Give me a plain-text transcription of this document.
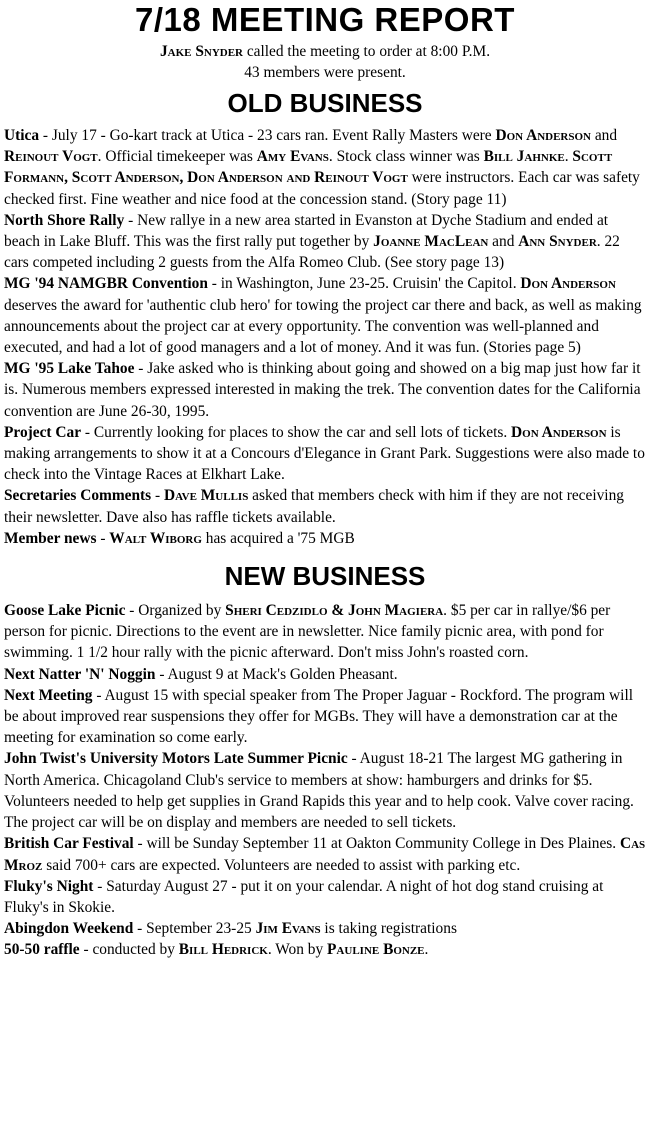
7/18 MEETING REPORT

Jake Snyder called the meeting to order at 8:00 P.M.

43 members were present.

OLD BUSINESS

Utica - July 17 - Go-kart track at Utica - 23 cars ran. Event Rally Masters were Don Anderson and Reinout Vogt. Official timekeeper was Amy Evans. Stock class winner was Bill Jahnke. Scott Formann, Scott Anderson, Don Anderson and Reinout Vogt were instructors. Each car was safety checked first. Fine weather and nice food at the concession stand. (Story page 11)

North Shore Rally - New rallye in a new area started in Evanston at Dyche Stadium and ended at beach in Lake Bluff. This was the first rally put together by Joanne MacLean and Ann Snyder. 22 cars competed including 2 guests from the Alfa Romeo Club. (See story page 13)

MG '94 NAMGBR Convention - in Washington, June 23-25. Cruisin' the Capitol. Don Anderson deserves the award for 'authentic club hero' for towing the project car there and back, as well as making announcements about the project car at every opportunity. The convention was well-planned and executed, and had a lot of good managers and a lot of money. And it was fun. (Stories page 5)

MG '95 Lake Tahoe - Jake asked who is thinking about going and showed on a big map just how far it is. Numerous members expressed interested in making the trek. The convention dates for the California convention are June 26-30, 1995.

Project Car - Currently looking for places to show the car and sell lots of tickets. Don Anderson is making arrangements to show it at a Concours d'Elegance in Grant Park. Suggestions were also made to check into the Vintage Races at Elkhart Lake.

Secretaries Comments - Dave Mullis asked that members check with him if they are not receiving their newsletter. Dave also has raffle tickets available.

Member news - Walt Wiborg has acquired a '75 MGB

NEW BUSINESS

Goose Lake Picnic - Organized by Sheri Cedzidlo & John Magiera. $5 per car in rallye/$6 per person for picnic. Directions to the event are in newsletter. Nice family picnic area, with pond for swimming. 1 1/2 hour rally with the picnic afterward. Don't miss John's roasted corn.

Next Natter 'N' Noggin - August 9 at Mack's Golden Pheasant.

Next Meeting - August 15 with special speaker from The Proper Jaguar - Rockford. The program will be about improved rear suspensions they offer for MGBs. They will have a demonstration car at the meeting for examination so come early.

John Twist's University Motors Late Summer Picnic - August 18-21 The largest MG gathering in North America. Chicagoland Club's service to members at show: hamburgers and drinks for $5. Volunteers needed to help get supplies in Grand Rapids this year and to help cook. Valve cover racing. The project car will be on display and members are needed to sell tickets.

British Car Festival - will be Sunday September 11 at Oakton Community College in Des Plaines. Cas Mroz said 700+ cars are expected. Volunteers are needed to assist with parking etc.

Fluky's Night - Saturday August 27 - put it on your calendar. A night of hot dog stand cruising at Fluky's in Skokie.

Abingdon Weekend - September 23-25 Jim Evans is taking registrations

50-50 raffle - conducted by Bill Hedrick. Won by Pauline Bonze.
